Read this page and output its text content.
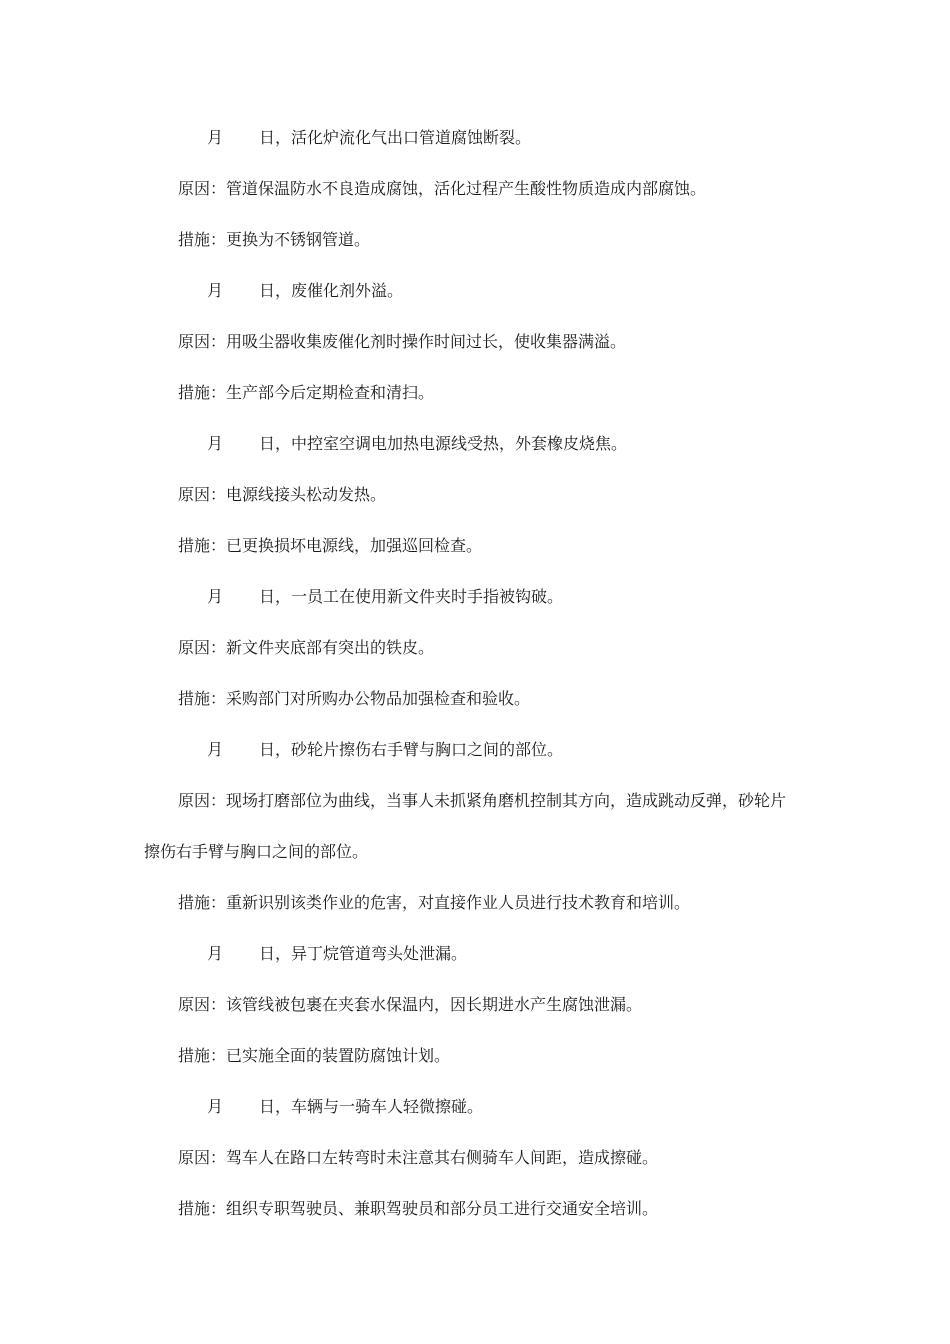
月 日，活化炉流化气出口管道腐蚀断裂。

原因：管道保温防水不良造成腐蚀，活化过程产生酸性物质造成内部腐蚀。

措施：更换为不锈钢管道。

月 日，废催化剂外溢。

原因：用吸尘器收集废催化剂时操作时间过长，使收集器满溢。

措施：生产部今后定期检查和清扫。

月 日，中控室空调电加热电源线受热，外套橡皮烧焦。

原因：电源线接头松动发热。

措施：已更换损坏电源线，加强巡回检查。

月 日，一员工在使用新文件夹时手指被钩破。

原因：新文件夹底部有突出的铁皮。

措施：采购部门对所购办公物品加强检查和验收。

月 日，砂轮片擦伤右手臂与胸口之间的部位。

原因：现场打磨部位为曲线，当事人未抓紧角磨机控制其方向，造成跳动反弹，砂轮片

擦伤右手臂与胸口之间的部位。

措施：重新识别该类作业的危害，对直接作业人员进行技术教育和培训。

月 日，异丁烷管道弯头处泄漏。

原因：该管线被包裹在夹套水保温内，因长期进水产生腐蚀泄漏。

措施：已实施全面的装置防腐蚀计划。

月 日，车辆与一骑车人轻微擦碰。

原因：驾车人在路口左转弯时未注意其右侧骑车人间距，造成擦碰。

措施：组织专职驾驶员、兼职驾驶员和部分员工进行交通安全培训。
